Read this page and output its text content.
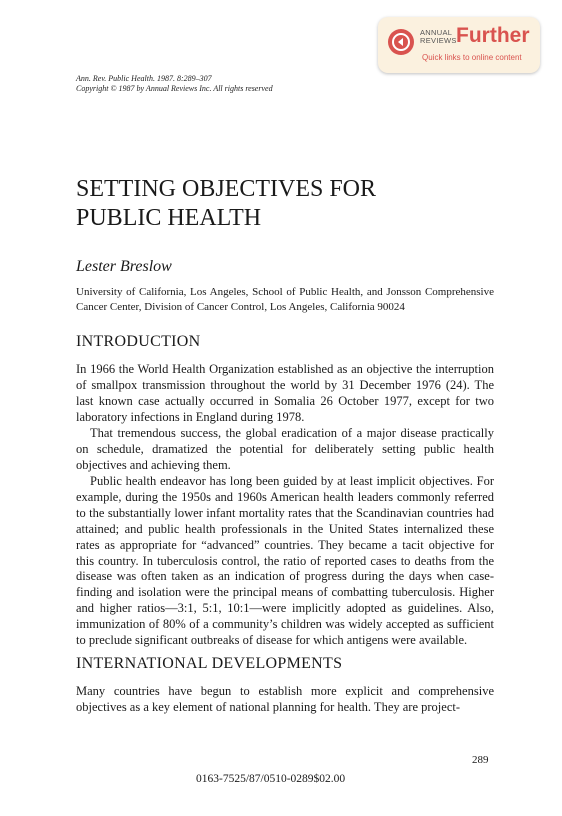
ANNUAL
REVIEWS Further
Quick links to online content
Ann. Rev. Public Health. 1987. 8:289–307
Copyright © 1987 by Annual Reviews Inc. All rights reserved
SETTING OBJECTIVES FOR
PUBLIC HEALTH
Lester Breslow
University of California, Los Angeles, School of Public Health, and Jonsson Comprehensive Cancer Center, Division of Cancer Control, Los Angeles, California 90024
INTRODUCTION

In 1966 the World Health Organization established as an objective the interruption of smallpox transmission throughout the world by 31 December 1976 (24). The last known case actually occurred in Somalia 26 October 1977, except for two laboratory infections in England during 1978.

That tremendous success, the global eradication of a major disease practically on schedule, dramatized the potential for deliberately setting public health objectives and achieving them.

Public health endeavor has long been guided by at least implicit objectives. For example, during the 1950s and 1960s American health leaders commonly referred to the substantially lower infant mortality rates that the Scandinavian countries had attained; and public health professionals in the United States internalized these rates as appropriate for “advanced” countries. They became a tacit objective for this country. In tuberculosis control, the ratio of reported cases to deaths from the disease was often taken as an indication of progress during the days when case-finding and isolation were the principal means of combatting tuberculosis. Higher and higher ratios—3:1, 5:1, 10:1—were implicitly adopted as guidelines. Also, immunization of 80% of a community’s children was widely accepted as sufficient to preclude significant outbreaks of disease for which antigens were available.

INTERNATIONAL DEVELOPMENTS

Many countries have begun to establish more explicit and comprehensive objectives as a key element of national planning for health. They are project-

289
0163-7525/87/0510-0289$02.00
